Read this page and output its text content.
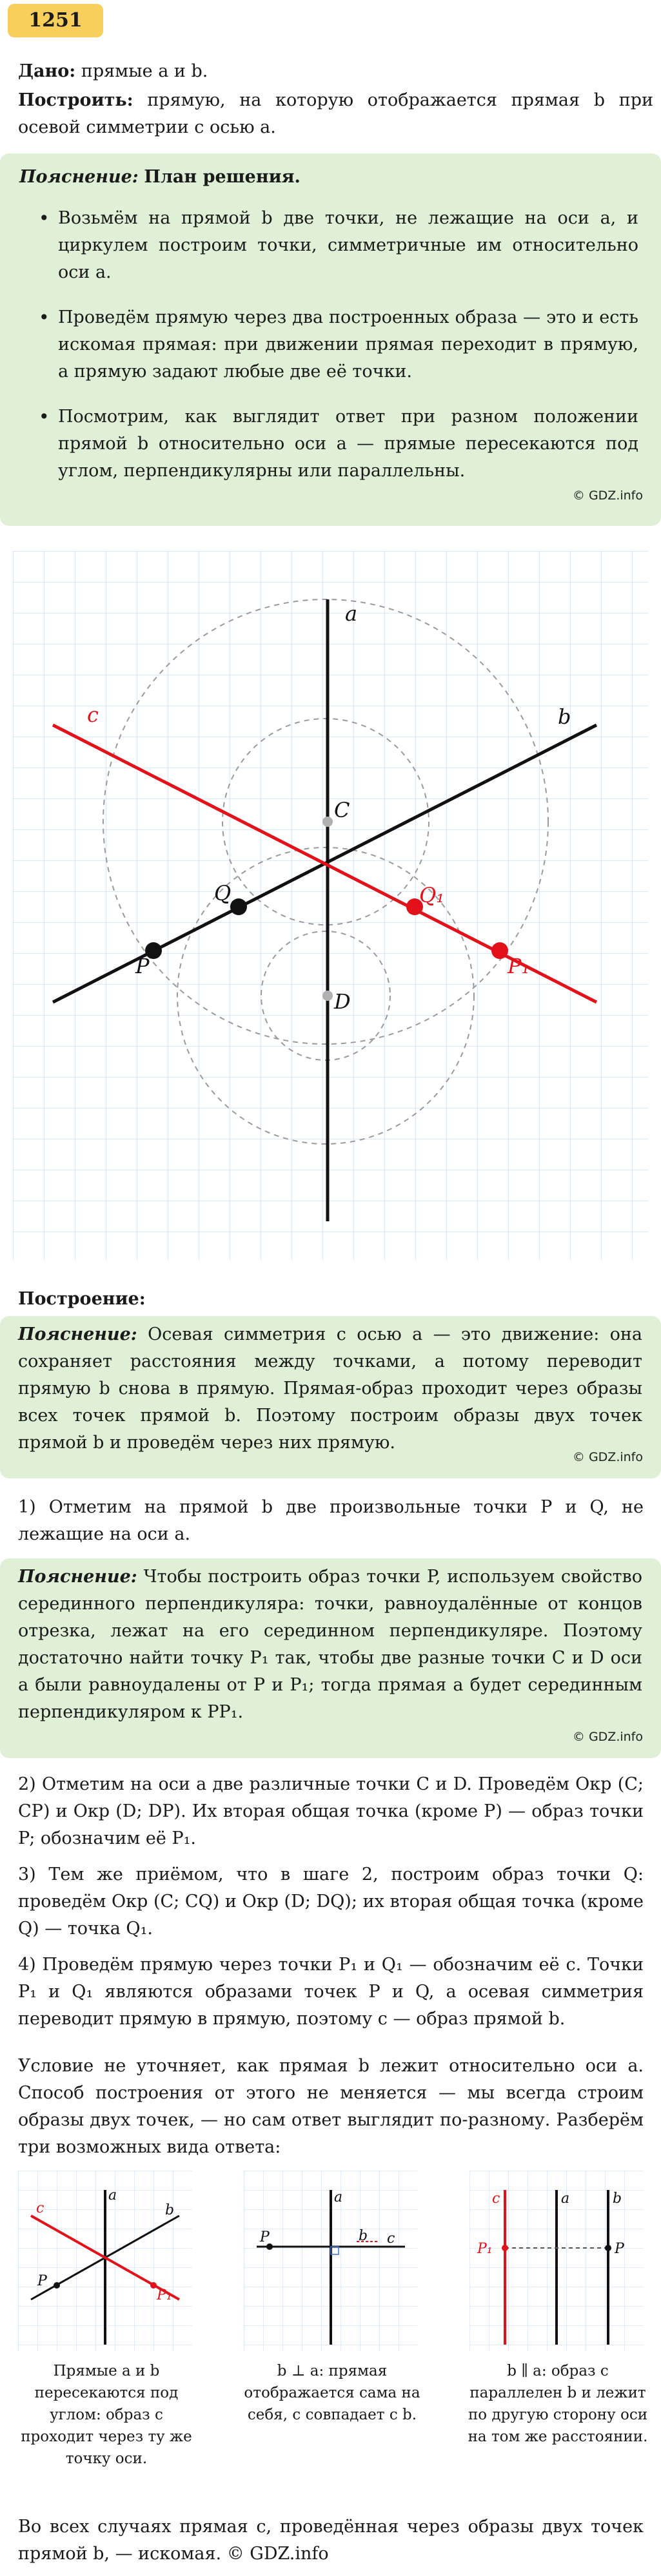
1251
Дано: прямые a и b.
Построить: прямую, на которую отображается прямая b при осевой симметрии с осью a.
Пояснение: План решения.
• Возьмём на прямой b две точки, не лежащие на оси a, и циркулем построим точки, симметричные им относительно оси a.
• Проведём прямую через два построенных образа — это и есть искомая прямая: при движении прямая переходит в прямую, а прямую задают любые две её точки.
• Посмотрим, как выглядит ответ при разном положении прямой b относительно оси a — прямые пересекаются под углом, перпендикулярны или параллельны.
© GDZ.info
a
b
c
C
D
Q
P
Q₁
P₁
Построение:
Пояснение: Осевая симметрия с осью a — это движение: она сохраняет расстояния между точками, а потому переводит прямую b снова в прямую. Прямая-образ проходит через образы всех точек прямой b. Поэтому построим образы двух точек прямой b и проведём через них прямую.
© GDZ.info
1) Отметим на прямой b две произвольные точки P и Q, не лежащие на оси a.
Пояснение: Чтобы построить образ точки P, используем свойство серединного перпендикуляра: точки, равноудалённые от концов отрезка, лежат на его серединном перпендикуляре. Поэтому достаточно найти точку P₁ так, чтобы две разные точки C и D оси a были равноудалены от P и P₁; тогда прямая a будет серединным перпендикуляром к PP₁.
© GDZ.info
2) Отметим на оси a две различные точки C и D. Проведём Окр (C; CP) и Окр (D; DP). Их вторая общая точка (кроме P) — образ точки P; обозначим её P₁.
3) Тем же приёмом, что в шаге 2, построим образ точки Q: проведём Окр (C; CQ) и Окр (D; DQ); их вторая общая точка (кроме Q) — точка Q₁.
4) Проведём прямую через точки P₁ и Q₁ — обозначим её c. Точки P₁ и Q₁ являются образами точек P и Q, а осевая симметрия переводит прямую в прямую, поэтому c — образ прямой b.
Условие не уточняет, как прямая b лежит относительно оси a. Способ построения от этого не меняется — мы всегда строим образы двух точек, — но сам ответ выглядит по-разному. Разберём три возможных вида ответа:
a
b
c
P
P₁
a
b c
P
a	b
c
P
P₁
Прямые a и b пересекаются под углом: образ c проходит через ту же точку оси.
b ⊥ a: прямая отображается сама на себя, c совпадает с b.
b ∥ a: образ c параллелен b и лежит по другую сторону оси на том же расстоянии.
Во всех случаях прямая c, проведённая через образы двух точек прямой b, — искомая. © GDZ.info
